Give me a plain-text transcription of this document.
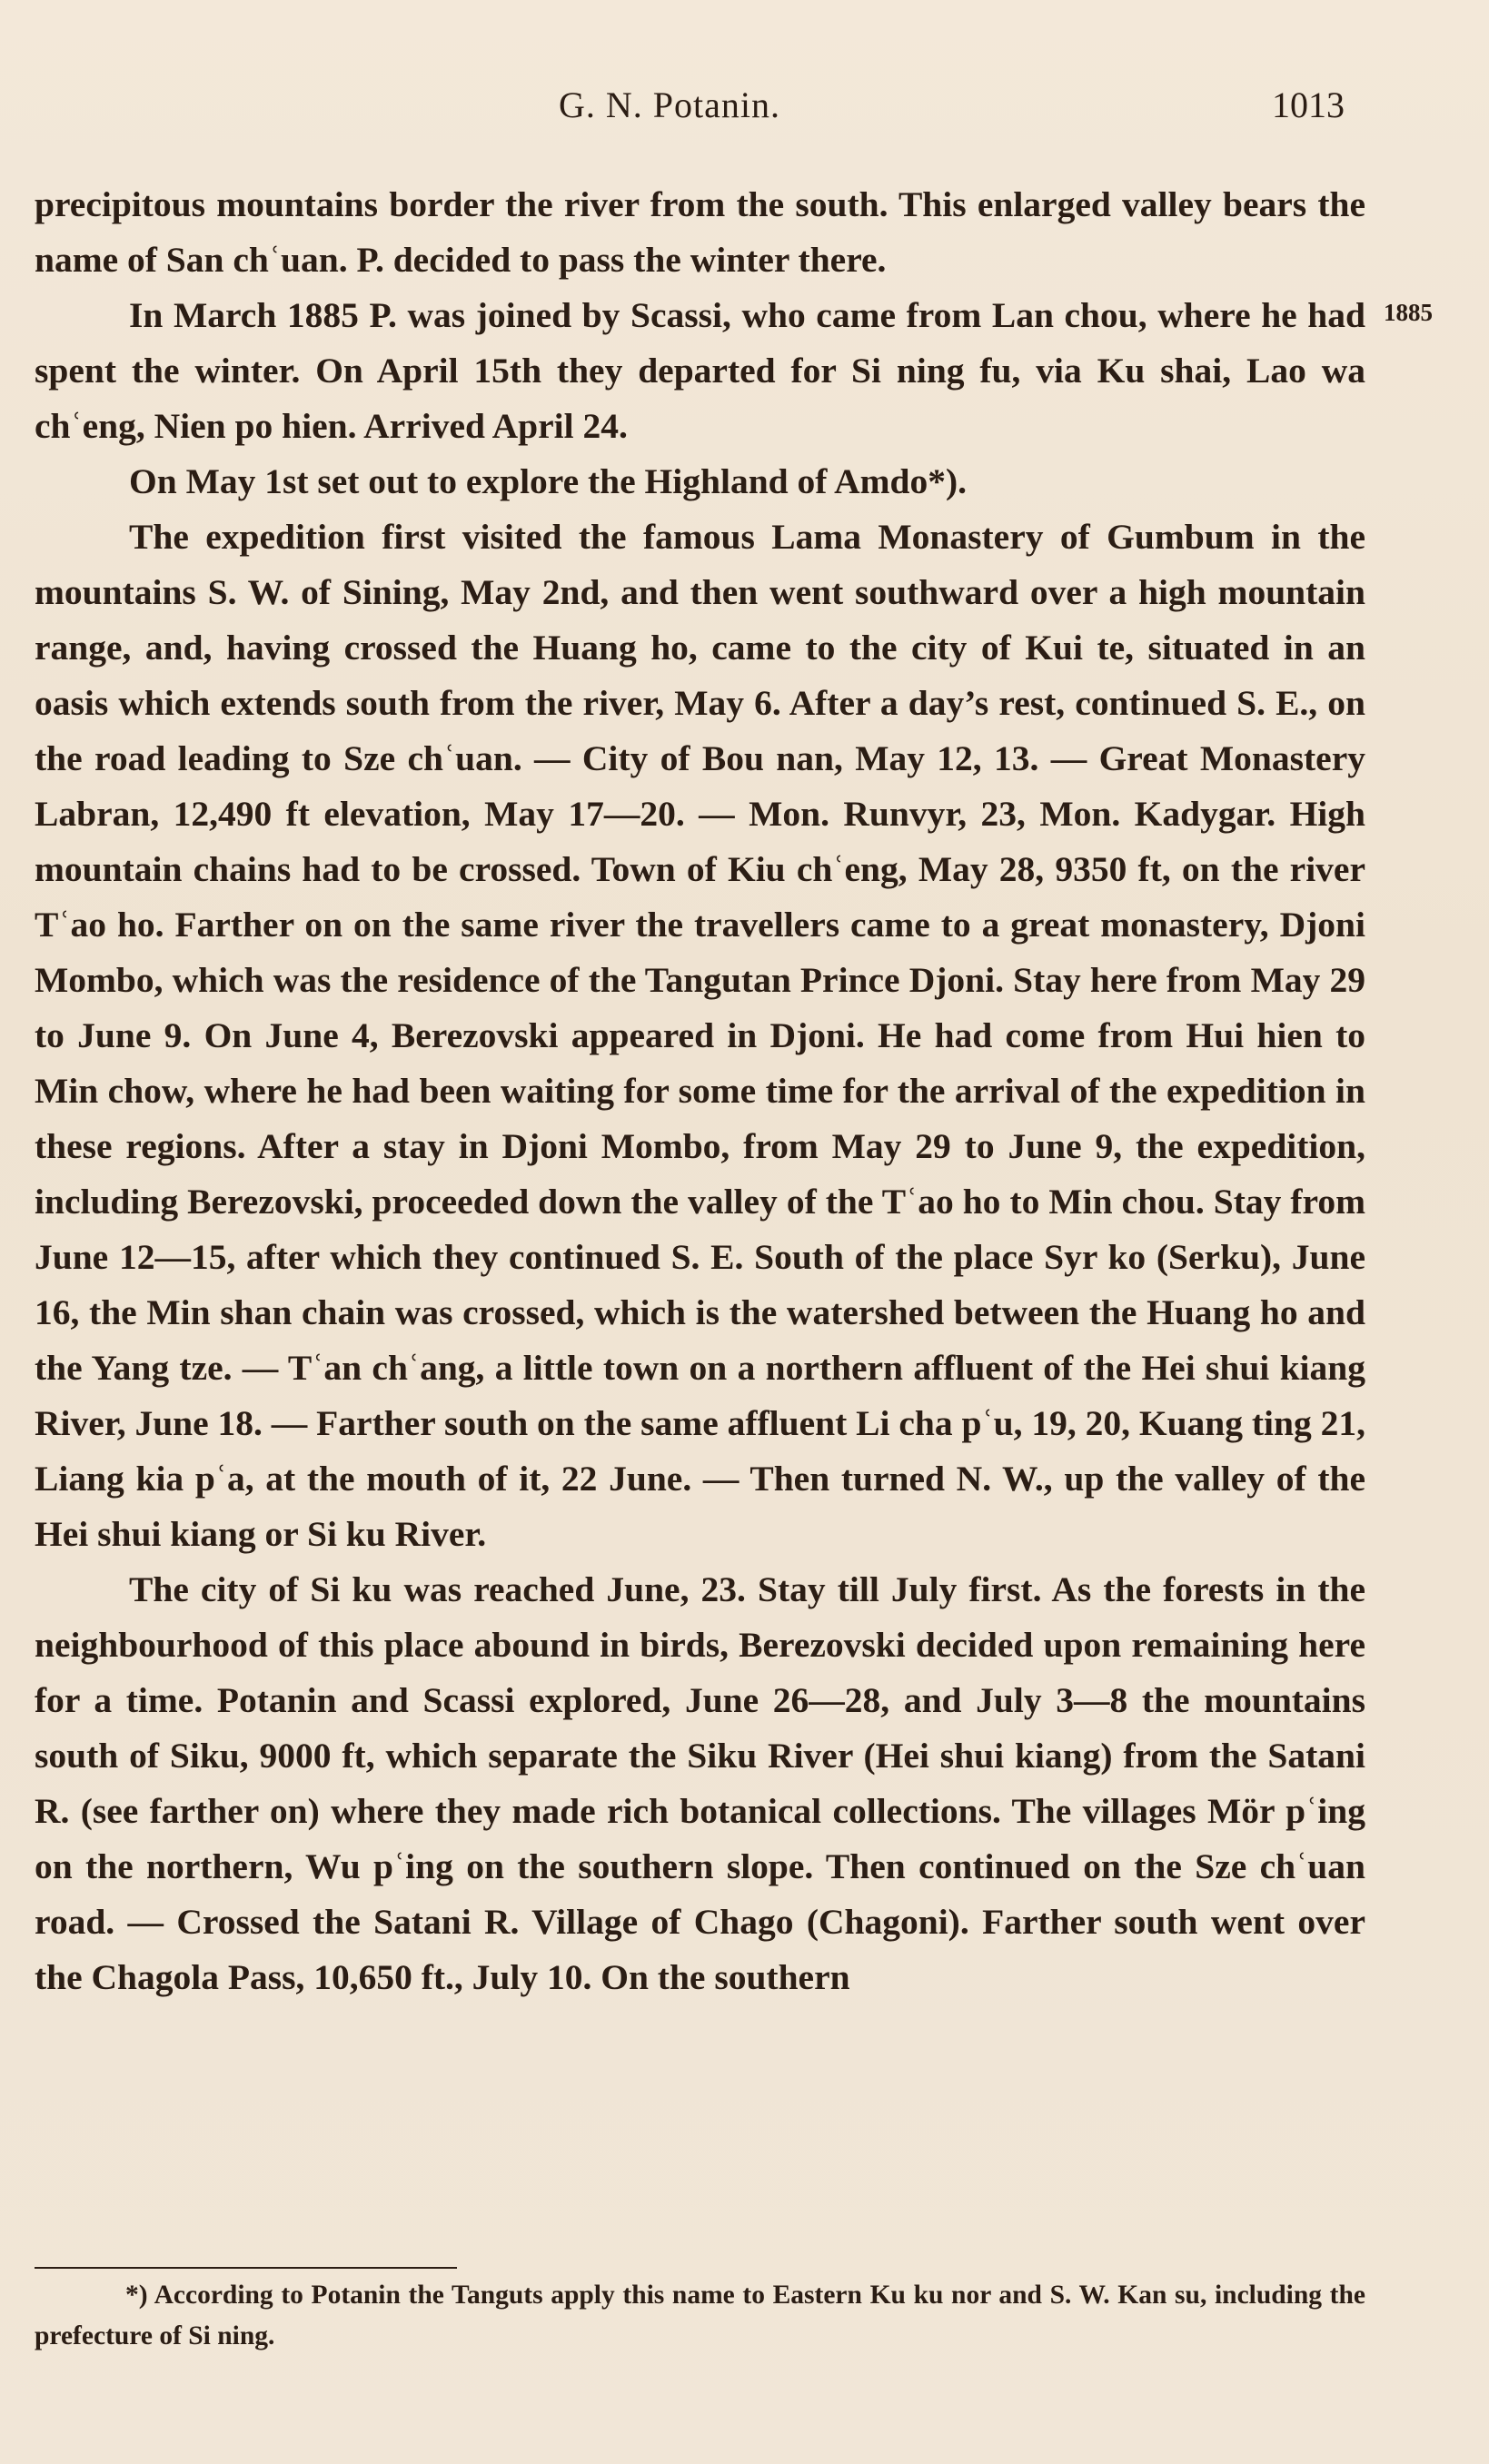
G. N. Potanin.	1013
1885

precipitous mountains border the river from the south. This enlarged valley bears the name of San chʿuan. P. decided to pass the winter there.

In March 1885 P. was joined by Scassi, who came from Lan chou, where he had spent the winter. On April 15th they departed for Si ning fu, via Ku shai, Lao wa chʿeng, Nien po hien. Arrived April 24.

On May 1st set out to explore the Highland of Amdo*).

The expedition first visited the famous Lama Monastery of Gumbum in the mountains S. W. of Sining, May 2nd, and then went southward over a high mountain range, and, having crossed the Huang ho, came to the city of Kui te, situated in an oasis which extends south from the river, May 6. After a day’s rest, continued S. E., on the road leading to Sze chʿuan. — City of Bou nan, May 12, 13. — Great Monastery Labran, 12,490 ft elevation, May 17—20. — Mon. Runvyr, 23, Mon. Kadygar. High mountain chains had to be crossed. Town of Kiu chʿeng, May 28, 9350 ft, on the river Tʿao ho. Farther on on the same river the travellers came to a great monastery, Djoni Mombo, which was the residence of the Tangutan Prince Djoni. Stay here from May 29 to June 9. On June 4, Berezovski appeared in Djoni. He had come from Hui hien to Min chow, where he had been waiting for some time for the arrival of the expedition in these regions. After a stay in Djoni Mombo, from May 29 to June 9, the expedition, including Berezovski, proceeded down the valley of the Tʿao ho to Min chou. Stay from June 12—15, after which they continued S. E. South of the place Syr ko (Serku), June 16, the Min shan chain was crossed, which is the watershed between the Huang ho and the Yang tze. — Tʿan chʿang, a little town on a northern affluent of the Hei shui kiang River, June 18. — Farther south on the same affluent Li cha pʿu, 19, 20, Kuang ting 21, Liang kia pʿa, at the mouth of it, 22 June. — Then turned N. W., up the valley of the Hei shui kiang or Si ku River.

The city of Si ku was reached June, 23. Stay till July first. As the forests in the neighbourhood of this place abound in birds, Berezovski decided upon remaining here for a time. Potanin and Scassi explored, June 26—28, and July 3—8 the mountains south of Siku, 9000 ft, which separate the Siku River (Hei shui kiang) from the Satani R. (see farther on) where they made rich botanical collections. The villages Mör pʿing on the northern, Wu pʿing on the southern slope. Then continued on the Sze chʿuan road. — Crossed the Satani R. Village of Chago (Chagoni). Farther south went over the Chagola Pass, 10,650 ft., July 10. On the southern

*) According to Potanin the Tanguts apply this name to Eastern Ku ku nor and S. W. Kan su, including the prefecture of Si ning.
